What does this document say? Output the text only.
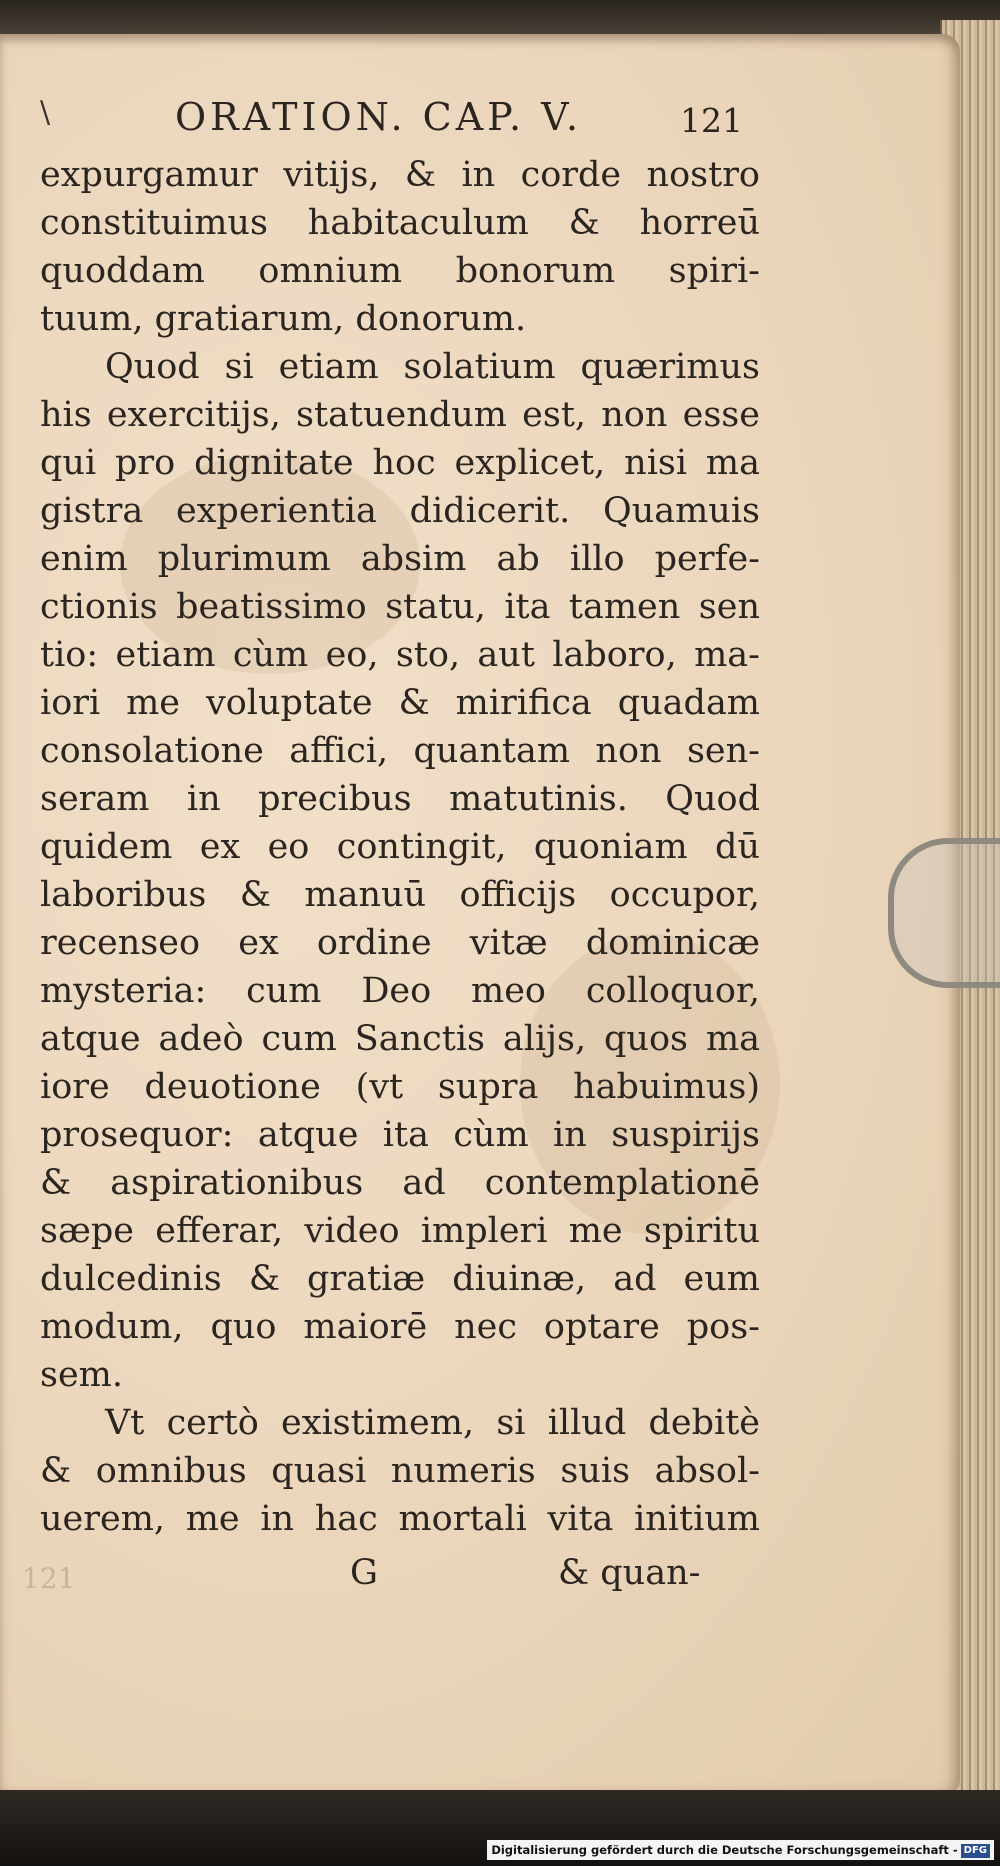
\	ORATION. CAP. V.	121
expurgamur vitijs, & in corde nostro
constituimus habitaculum & horreū
quoddam omnium bonorum spiri-
tuum, gratiarum, donorum.
Quod si etiam solatium quærimus
his exercitijs, statuendum est, non esse
qui pro dignitate hoc explicet, nisi ma
gistra experientia didicerit. Quamuis
enim plurimum absim ab illo perfe-
ctionis beatissimo statu, ita tamen sen
tio: etiam cùm eo, sto, aut laboro, ma-
iori me voluptate & mirifica quadam
consolatione affici, quantam non sen-
seram in precibus matutinis. Quod
quidem ex eo contingit, quoniam dū
laboribus & manuū officijs occupor,
recenseo ex ordine vitæ dominicæ
mysteria: cum Deo meo colloquor,
atque adeò cum Sanctis alijs, quos ma
iore deuotione (vt supra habuimus)
prosequor: atque ita cùm in suspirijs
& aspirationibus ad contemplationē
sæpe efferar, video impleri me spiritu
dulcedinis & gratiæ diuinæ, ad eum
modum, quo maiorē nec optare pos-
sem.
Vt certò existimem, si illud debitè
& omnibus quasi numeris suis absol-
uerem, me in hac mortali vita initium
121	G	& quan-
Digitalisierung gefördert durch die Deutsche Forschungsgemeinschaft - DFG
